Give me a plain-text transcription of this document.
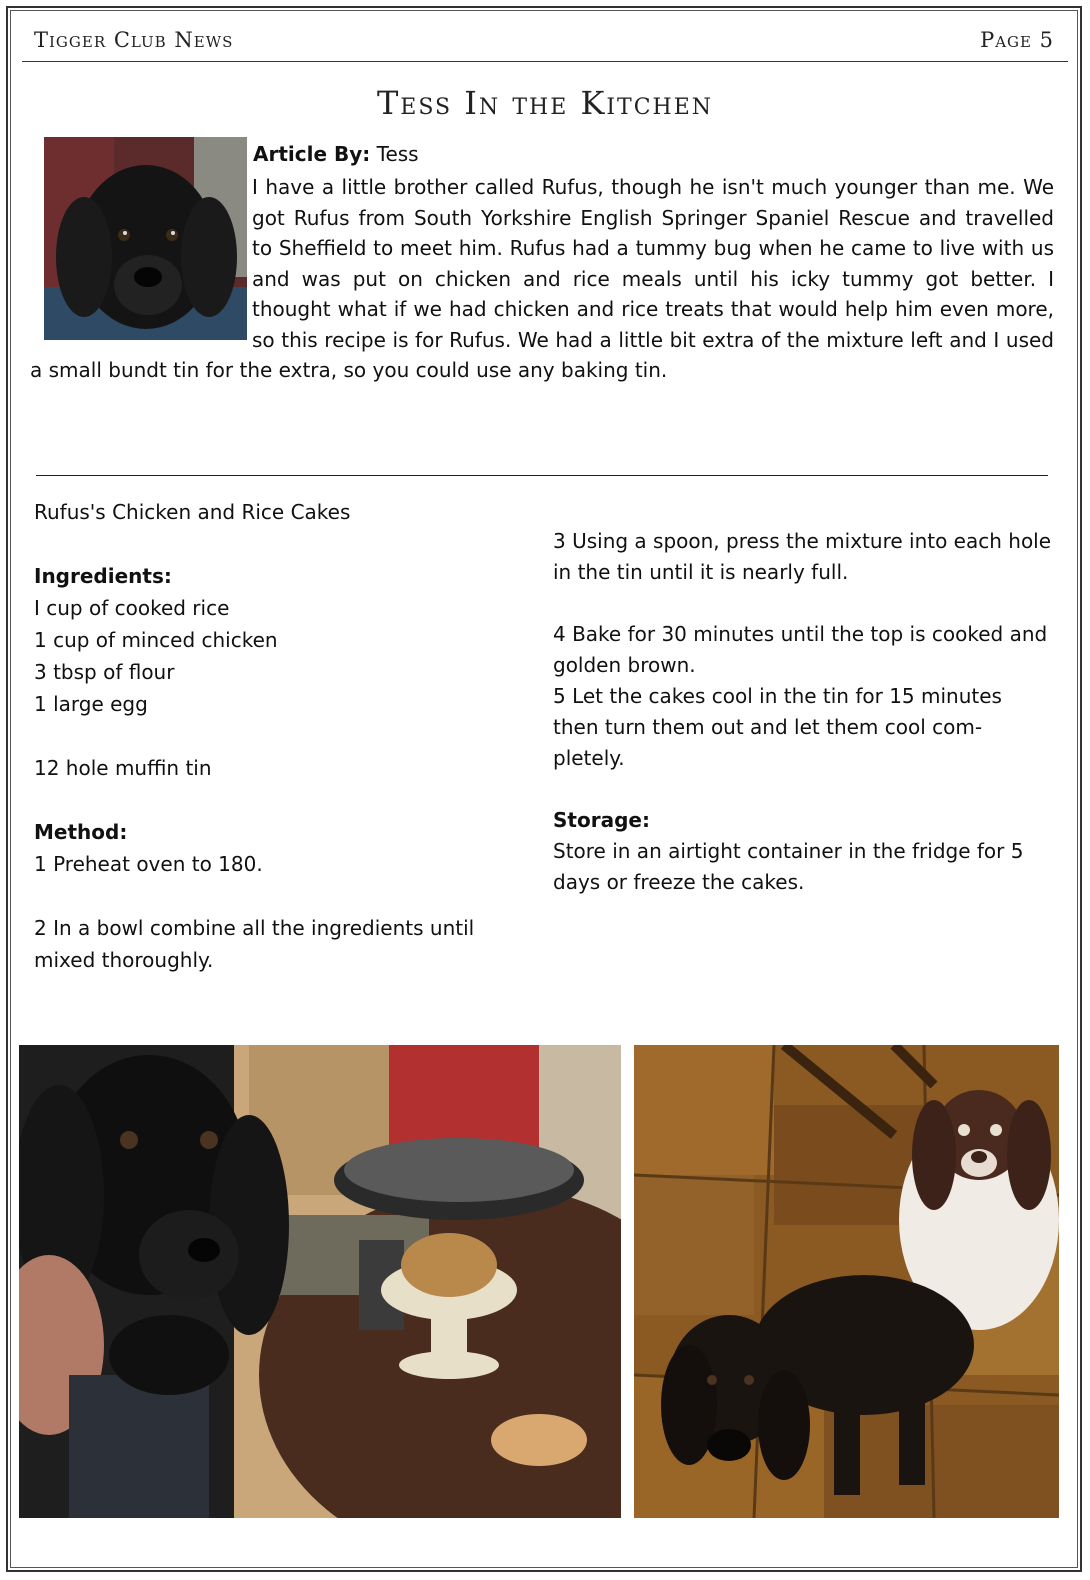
Tigger Club News	Page 5
Tess In the Kitchen
Article By: Tess
I have a little brother called Rufus, though he isn't much younger than me. We got Rufus from South Yorkshire English Springer Spaniel Rescue and travelled to Sheffield to meet him. Rufus had a tummy bug when he came to live with us and was put on chicken and rice meals until his icky tummy got better. I thought what if we had chicken and rice treats that would help him even more, so this recipe is for Rufus. We had a little bit extra of the mixture left and I used a small bundt tin for the extra, so you could use any baking tin.

Rufus's Chicken and Rice Cakes

Ingredients:

I cup of cooked rice

1 cup of minced chicken

3 tbsp of flour

1 large egg

12 hole muffin tin

Method:

1 Preheat oven to 180.

2 In a bowl combine all the ingredients until mixed thoroughly.

3 Using a spoon, press the mixture into each hole in the tin until it is nearly full.

4 Bake for 30 minutes until the top is cooked and golden brown.

5 Let the cakes cool in the tin for 15 minutes then turn them out and let them cool com-pletely.

Storage:

Store in an airtight container in the fridge for 5 days or freeze the cakes.
